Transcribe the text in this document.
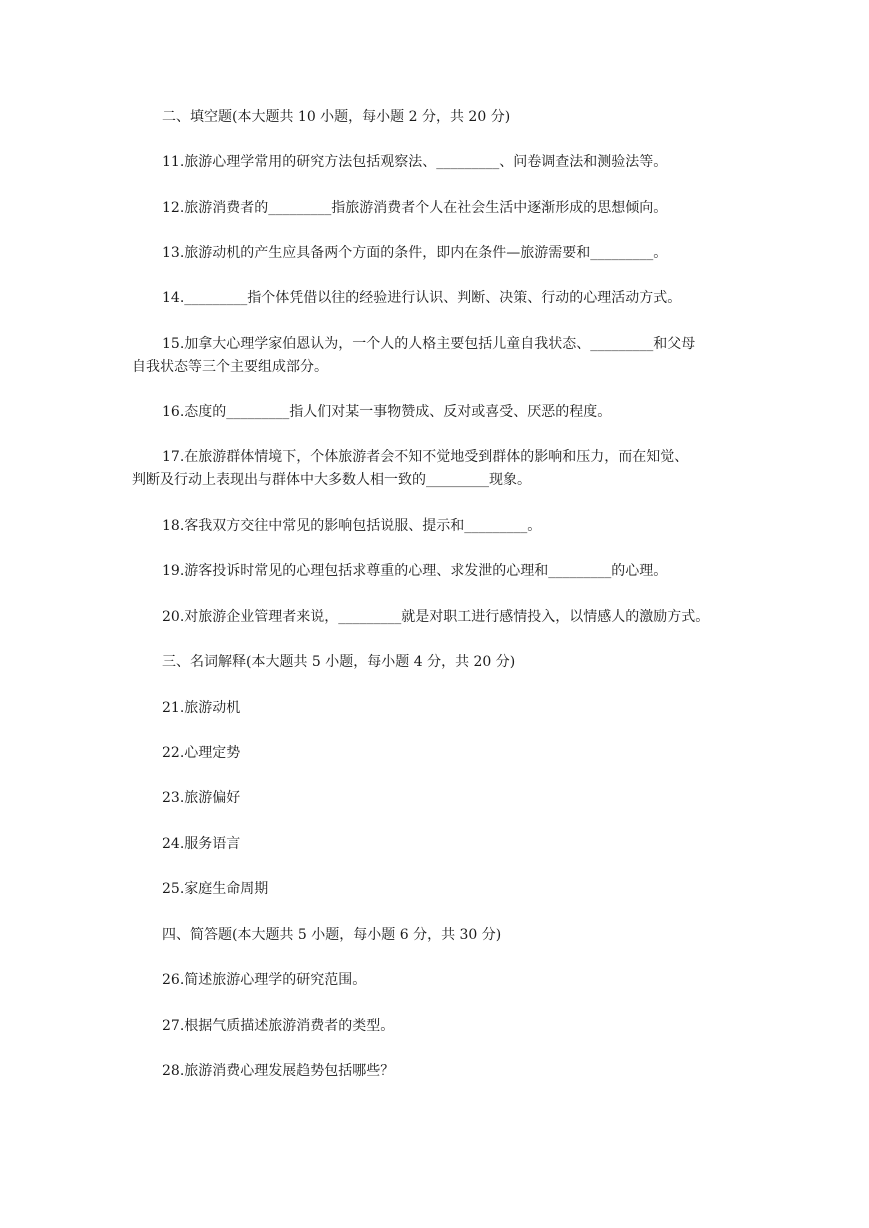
二、填空题(本大题共 10 小题，每小题 2 分，共 20 分)
11.旅游心理学常用的研究方法包括观察法、_________、问卷调查法和测验法等。
12.旅游消费者的_________指旅游消费者个人在社会生活中逐渐形成的思想倾向。
13.旅游动机的产生应具备两个方面的条件，即内在条件—旅游需要和_________。
14._________指个体凭借以往的经验进行认识、判断、决策、行动的心理活动方式。
15.加拿大心理学家伯恩认为，一个人的人格主要包括儿童自我状态、_________和父母
自我状态等三个主要组成部分。
16.态度的_________指人们对某一事物赞成、反对或喜受、厌恶的程度。
17.在旅游群体情境下，个体旅游者会不知不觉地受到群体的影响和压力，而在知觉、
判断及行动上表现出与群体中大多数人相一致的_________现象。
18.客我双方交往中常见的影响包括说服、提示和_________。
19.游客投诉时常见的心理包括求尊重的心理、求发泄的心理和_________的心理。
20.对旅游企业管理者来说，_________就是对职工进行感情投入，以情感人的激励方式。
三、名词解释(本大题共 5 小题，每小题 4 分，共 20 分)
21.旅游动机
22.心理定势
23.旅游偏好
24.服务语言
25.家庭生命周期
四、简答题(本大题共 5 小题，每小题 6 分，共 30 分)
26.简述旅游心理学的研究范围。
27.根据气质描述旅游消费者的类型。
28.旅游消费心理发展趋势包括哪些？
